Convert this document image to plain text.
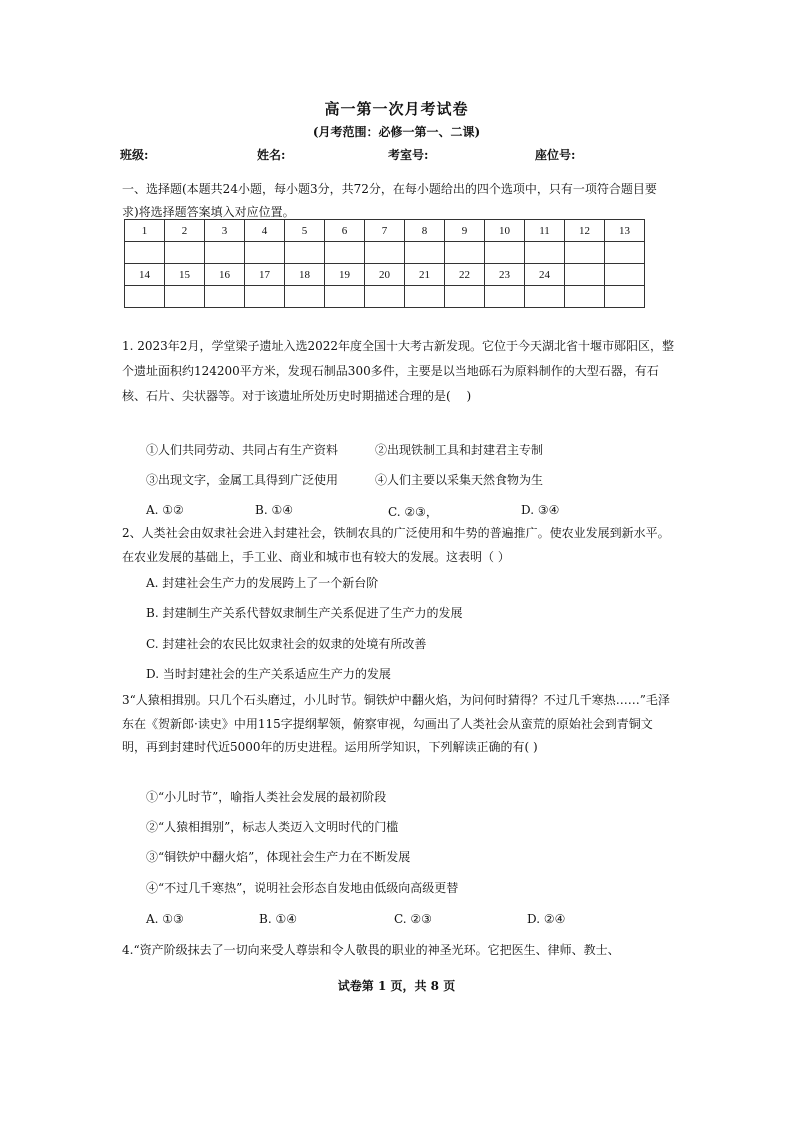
高一第一次月考试卷
(月考范围：必修一第一、二课)
班级:	姓名:	考室号:	座位号:
一、选择题(本题共24小题，每小题3分，共72分，在每小题给出的四个选项中，只有一项符合题目要求)将选择题答案填入对应位置。
1	2	3	4	5	6	7	8	9	10	11	12	13

14	15	16	17	18	19	20	21	22	23	24		

1. 2023年2月，学堂梁子遗址入选2022年度全国十大考古新发现。它位于今天湖北省十堰市郧阳区，整个遗址面积约124200平方米，发现石制品300多件，主要是以当地砾石为原料制作的大型石器，有石核、石片、尖状器等。对于该遗址所处历史时期描述合理的是(　 )
①人们共同劳动、共同占有生产资料	②出现铁制工具和封建君主专制
③出现文字，金属工具得到广泛使用	④人们主要以采集天然食物为生
A. ①②	B. ①④	C. ②③，	D. ③④
2、人类社会由奴隶社会进入封建社会，铁制农具的广泛使用和牛势的普遍推广。使农业发展到新水平。在农业发展的基础上，手工业、商业和城市也有较大的发展。这表明（ ）
A. 封建社会生产力的发展跨上了一个新台阶
B. 封建制生产关系代替奴隶制生产关系促进了生产力的发展
C. 封建社会的农民比奴隶社会的奴隶的处境有所改善
D. 当时封建社会的生产关系适应生产力的发展
3“人猿相揖别。只几个石头磨过，小儿时节。铜铁炉中翻火焰，为问何时猜得？不过几千寒热……”毛泽东在《贺新郎·读史》中用115字提纲挈领，俯察审视，勾画出了人类社会从蛮荒的原始社会到青铜文明，再到封建时代近5000年的历史进程。运用所学知识，下列解读正确的有( )
①“小儿时节”，喻指人类社会发展的最初阶段
②“人猿相揖别”，标志人类迈入文明时代的门槛
③“铜铁炉中翻火焰”，体现社会生产力在不断发展
④“不过几千寒热”，说明社会形态自发地由低级向高级更替
A. ①③	B. ①④	C. ②③	D. ②④
4.“资产阶级抹去了一切向来受人尊崇和令人敬畏的职业的神圣光环。它把医生、律师、教士、
试卷第 1 页，共 8 页
